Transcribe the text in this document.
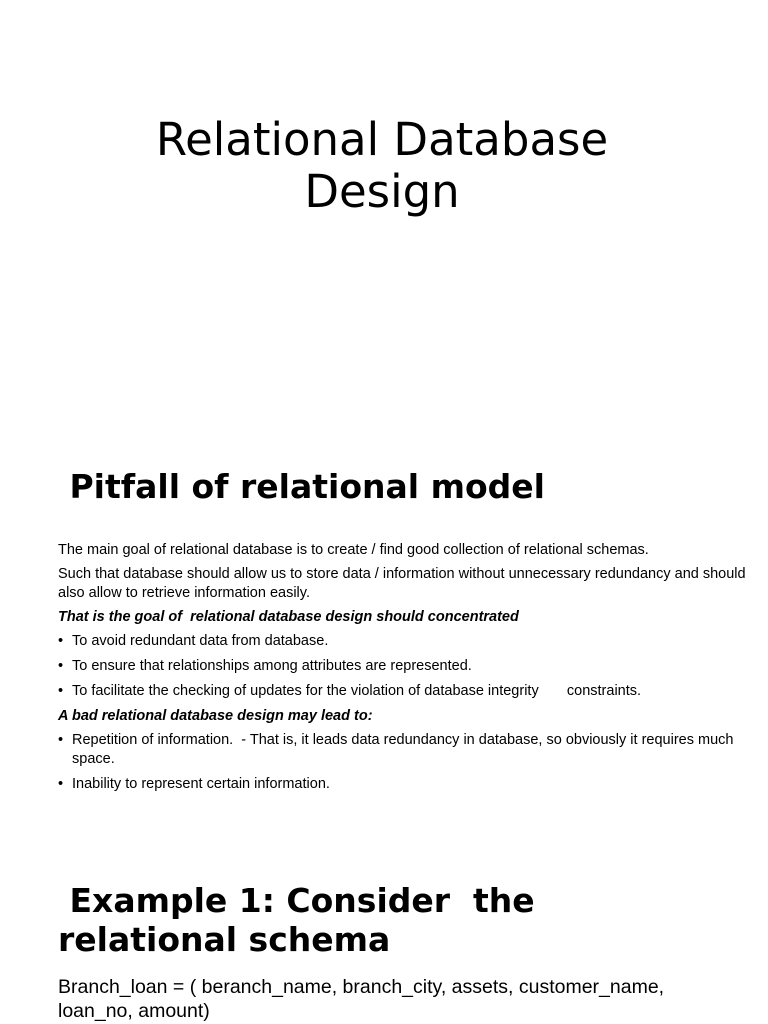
Relational Database
Design
Pitfall of relational model

The main goal of relational database is to create / find good collection of relational schemas.

Such that database should allow us to store data / information without unnecessary redundancy and should also allow to retrieve information easily.

That is the goal of  relational database design should concentrated

• To avoid redundant data from database.
• To ensure that relationships among attributes are represented.
• To facilitate the checking of updates for the violation of database integrity       constraints.

A bad relational database design may lead to:

• Repetition of information.  - That is, it leads data redundancy in database, so obviously it requires much space.
• Inability to represent certain information.
Example 1: Consider  the
relational schema

Branch_loan = ( beranch_name, branch_city, assets, customer_name, loan_no, amount)
